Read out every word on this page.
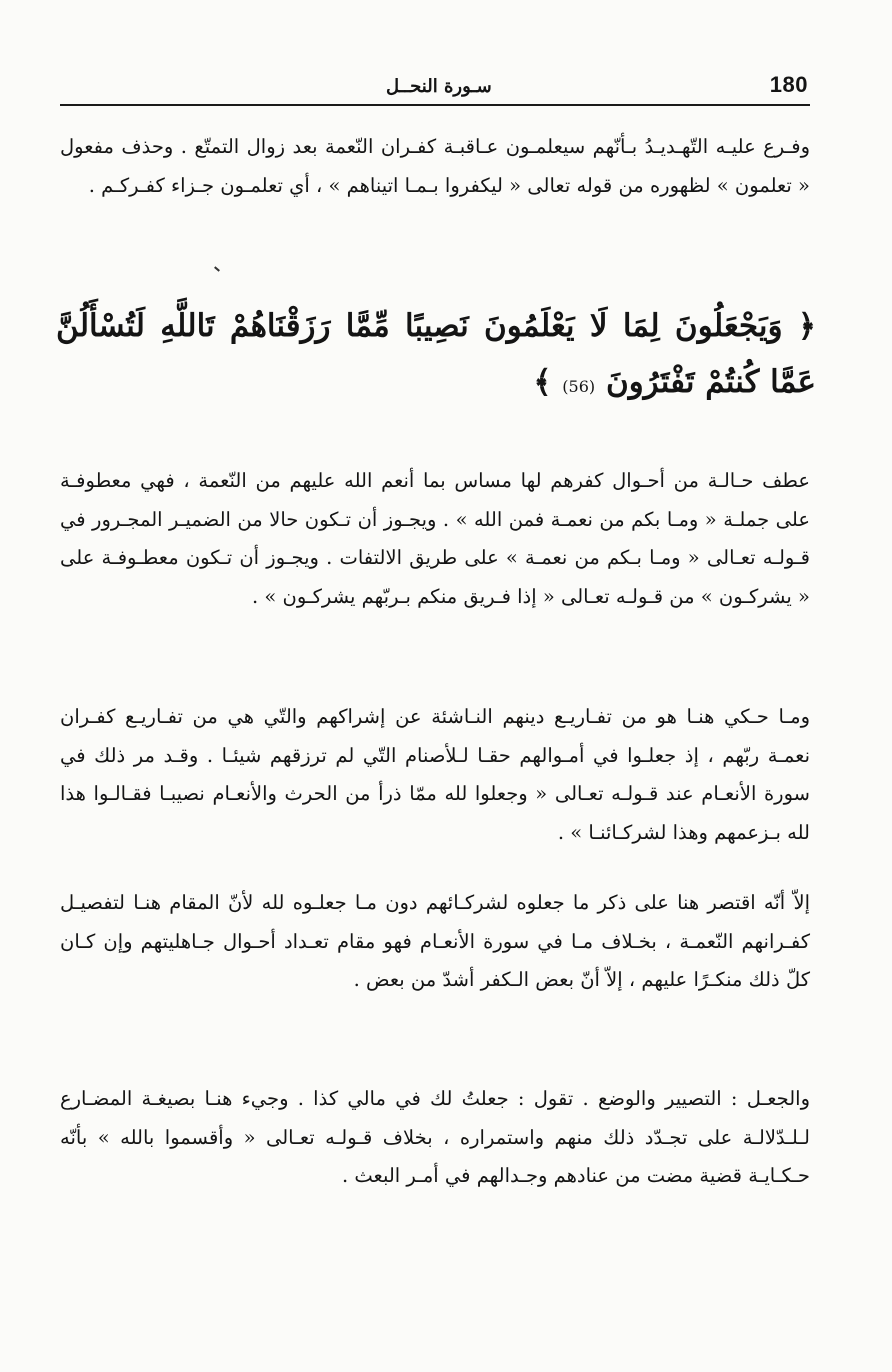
180
سـورة النحــل

وفـرع عليـه التّهـديـدُ بـأنّهم سيعلمـون عـاقبـة كفـران النّعمة بعد زوال التمتّع . وحذف مفعول « تعلمون » لظهوره من قوله تعالى « ليكفروا بـمـا اتيناهم » ، أي تعلمـون جـزاء كفـركـم .

﴿ وَيَجْعَلُونَ لِمَا لَا يَعْلَمُونَ نَصِيبًا مِّمَّا رَزَقْنَاهُمْ تَاللَّهِ لَتُسْأَلُنَّ عَمَّا كُنتُمْ تَفْتَرُونَ (56) ﴾

عطف حـالـة من أحـوال كفرهم لها مساس بما أنعم الله عليهم من النّعمة ، فهي معطوفـة على جملـة « ومـا بكم من نعمـة فمن الله » . ويجـوز أن تـكون حالا من الضميـر المجـرور في قـولـه تعـالى « ومـا بـكم من نعمـة » على طريق الالتفات . ويجـوز أن تـكون معطـوفـة على « يشركـون » من قـولـه تعـالى « إذا فـريق منكم بـربّهم يشركـون » .

ومـا حـكي هنـا هو من تفـاريـع دينهم النـاشئة عن إشراكهم والتّي هي من تفـاريـع كفـران نعمـة ربّهم ، إذ جعلـوا في أمـوالهم حقـا لـلأصنام التّي لم ترزقهم شيئـا . وقـد مر ذلك في سورة الأنعـام عند قـولـه تعـالى « وجعلوا لله ممّا ذرأ من الحرث والأنعـام نصيبـا فقـالـوا هذا لله بـزعمهم وهذا لشركـائنـا » .

إلاّ أنّه اقتصر هنا على ذكر ما جعلوه لشركـائهم دون مـا جعلـوه لله لأنّ المقام هنـا لتفصيـل كفـرانهم النّعمـة ، بخـلاف مـا في سورة الأنعـام فهو مقام تعـداد أحـوال جـاهليتهم وإن كـان كلّ ذلك منكـرًا عليهم ، إلاّ أنّ بعض الـكفر أشدّ من بعض .

والجعـل : التصيير والوضع . تقول : جعلتُ لك في مالي كذا . وجيء هنـا بصيغـة المضـارع لـلـدّلالـة على تجـدّد ذلك منهم واستمراره ، بخلاف قـولـه تعـالى « وأقسموا بالله » بأنّه حـكـايـة قضية مضت من عنادهم وجـدالهم في أمـر البعث .
